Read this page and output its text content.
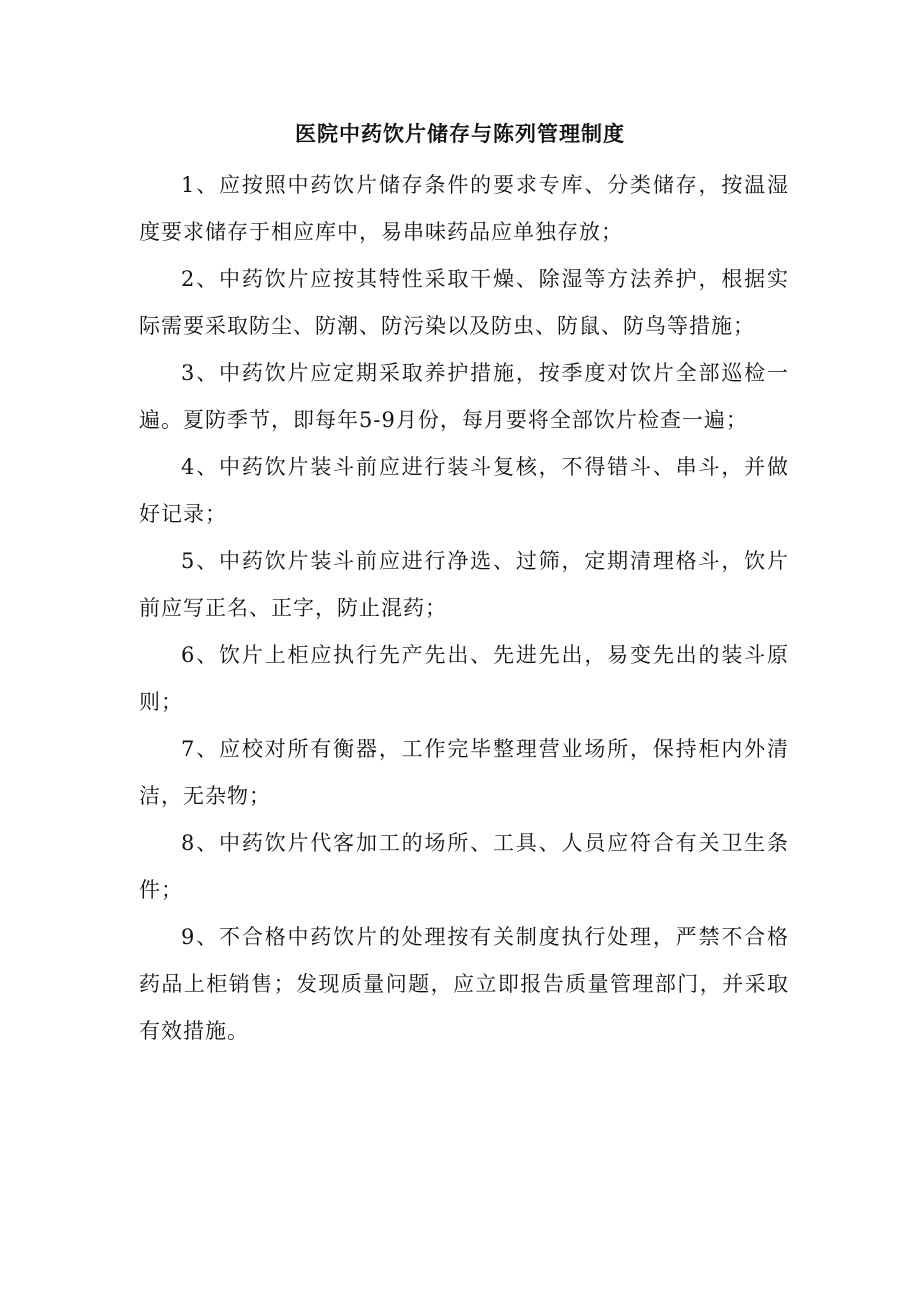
医院中药饮片储存与陈列管理制度

1、应按照中药饮片储存条件的要求专库、分类储存，按温湿度要求储存于相应库中，易串味药品应单独存放；

2、中药饮片应按其特性采取干燥、除湿等方法养护，根据实际需要采取防尘、防潮、防污染以及防虫、防鼠、防鸟等措施；

3、中药饮片应定期采取养护措施，按季度对饮片全部巡检一遍。夏防季节，即每年5-9月份，每月要将全部饮片检查一遍；

4、中药饮片装斗前应进行装斗复核，不得错斗、串斗，并做好记录；

5、中药饮片装斗前应进行净选、过筛，定期清理格斗，饮片前应写正名、正字，防止混药；

6、饮片上柜应执行先产先出、先进先出，易变先出的装斗原则；

7、应校对所有衡器，工作完毕整理营业场所，保持柜内外清洁，无杂物；

8、中药饮片代客加工的场所、工具、人员应符合有关卫生条件；

9、不合格中药饮片的处理按有关制度执行处理，严禁不合格药品上柜销售；发现质量问题，应立即报告质量管理部门，并采取有效措施。
